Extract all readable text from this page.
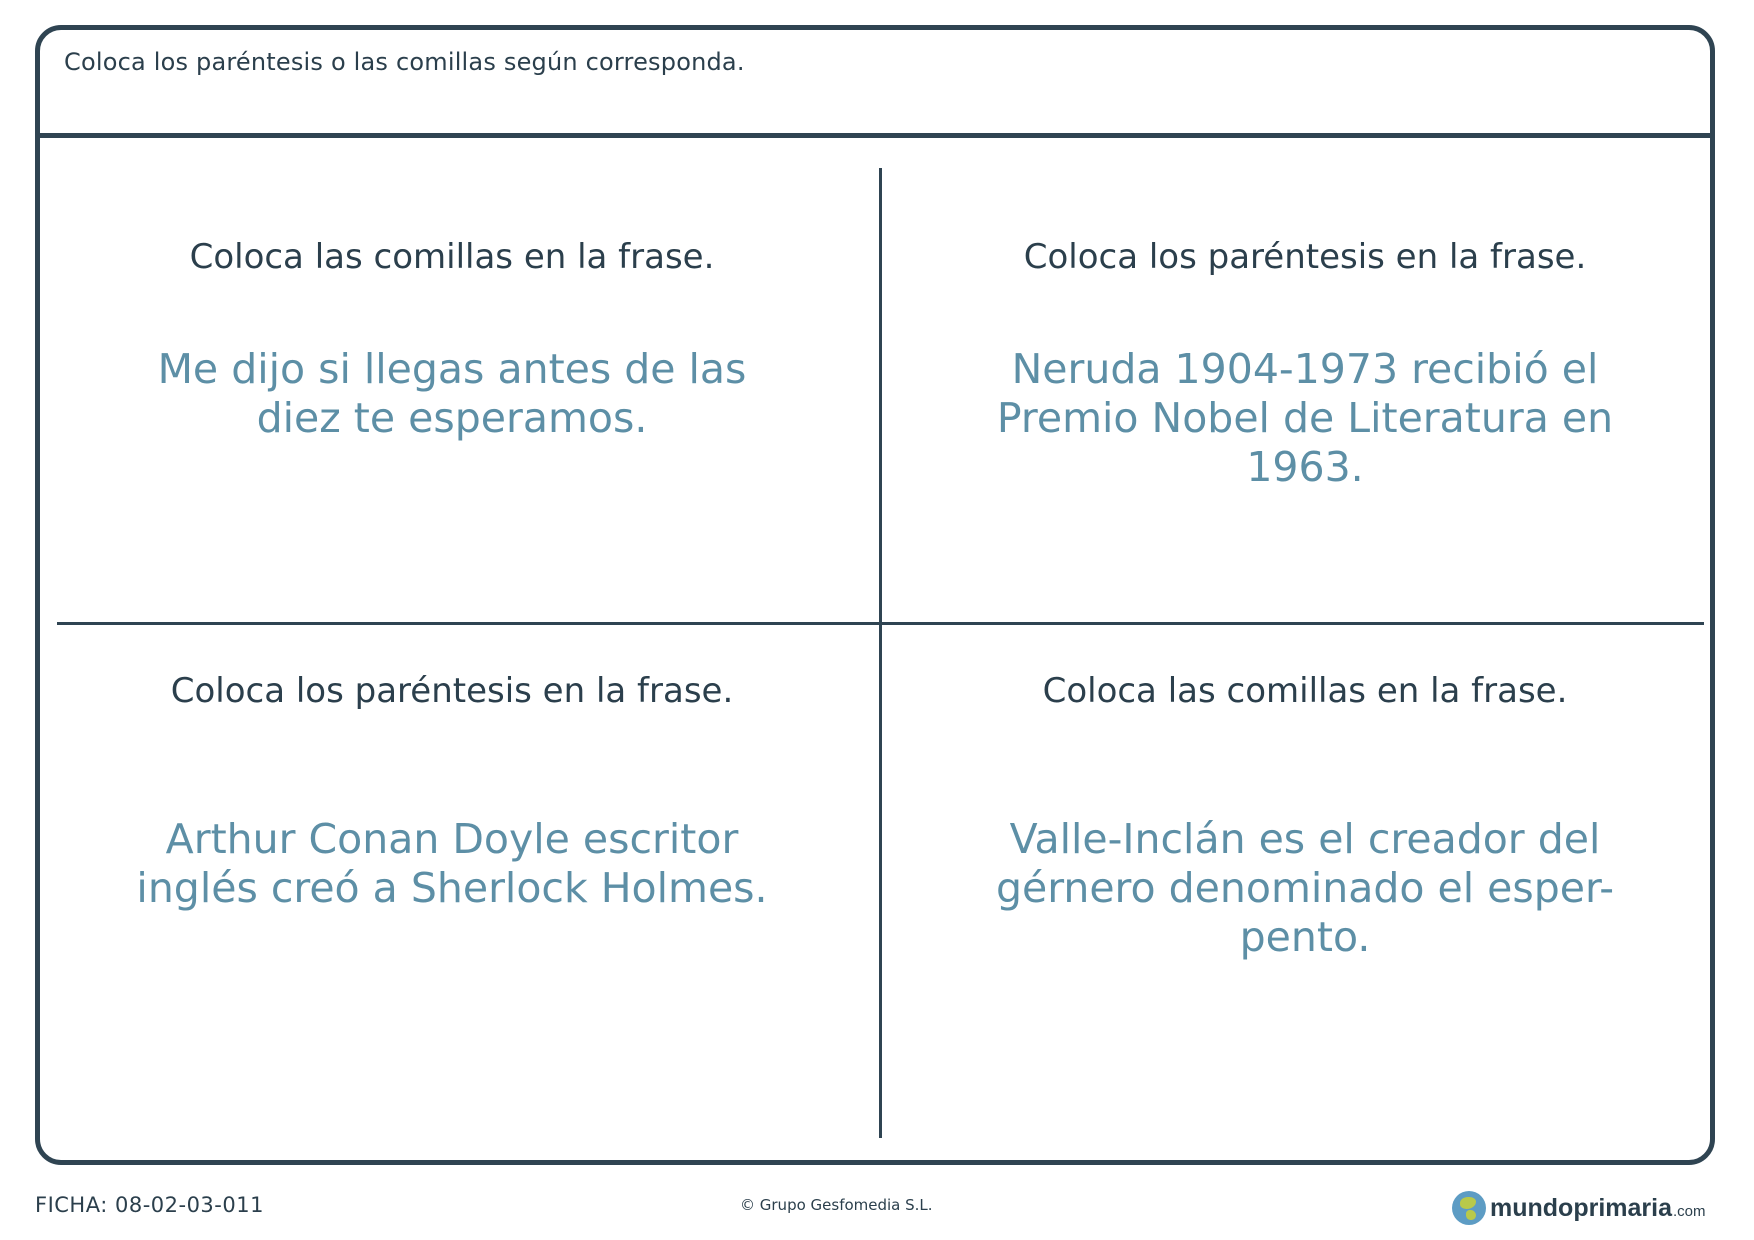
Coloca los paréntesis o las comillas según corresponda.
Coloca las comillas en la frase.
Me dijo si llegas antes de las diez te esperamos.
Coloca los paréntesis en la frase.
Neruda 1904-1973 recibió el Premio Nobel de Literatura en 1963.
Coloca los paréntesis en la frase.
Arthur Conan Doyle escritor inglés creó a Sherlock Holmes.
Coloca las comillas en la frase.
Valle-Inclán es el creador del gérnero denominado el esper-pento.
FICHA: 08-02-03-011	© Grupo Gesfomedia S.L.	mundoprimaria .com
